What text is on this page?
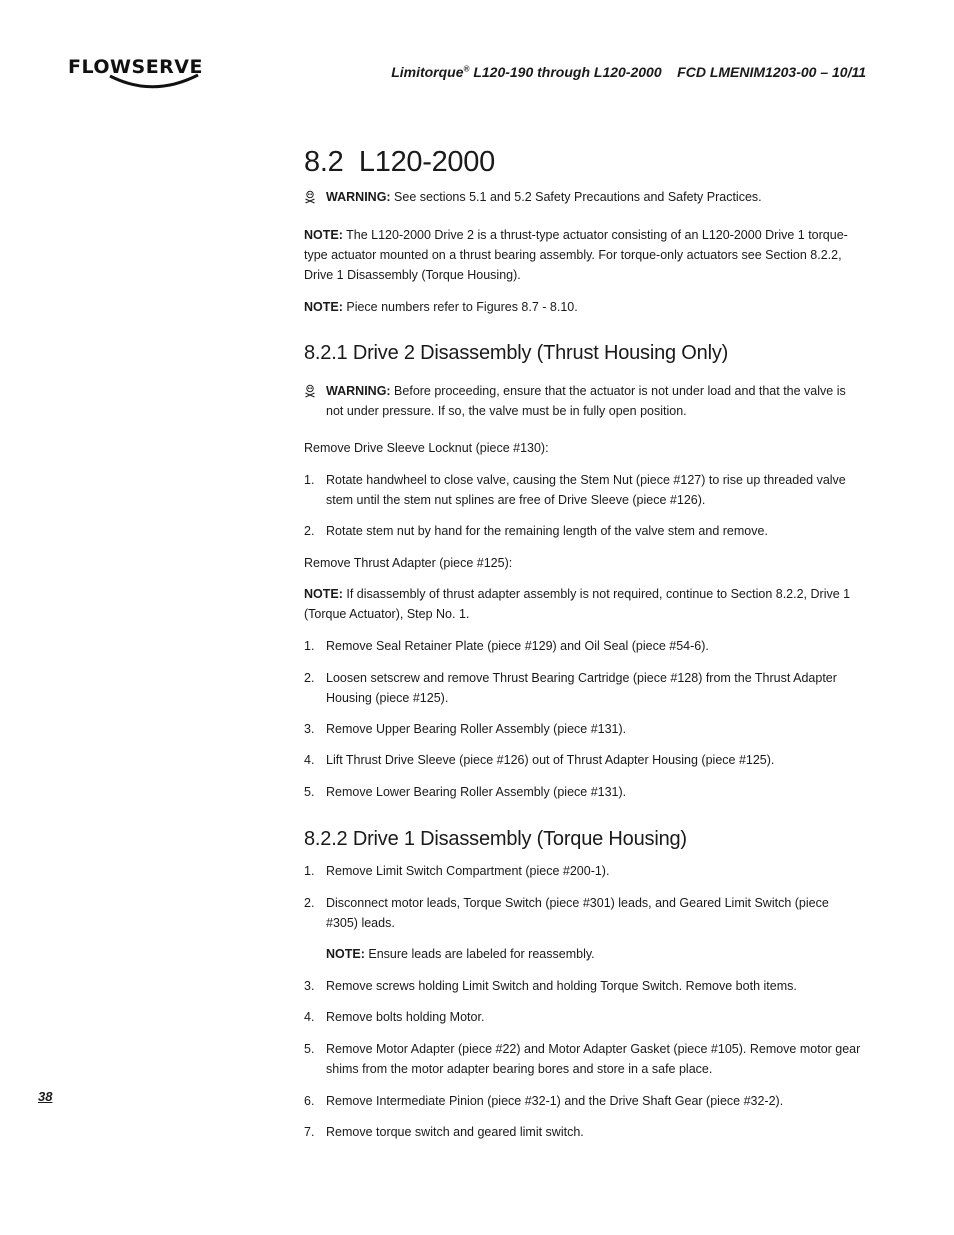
FLOWSERVE	Limitorque® L120-190 through L120-2000    FCD LMENIM1203-00 – 10/11
8.2  L120-2000
WARNING: See sections 5.1 and 5.2 Safety Precautions and Safety Practices.
NOTE: The L120-2000 Drive 2 is a thrust-type actuator consisting of an L120-2000 Drive 1 torque-type actuator mounted on a thrust bearing assembly. For torque-only actuators see Section 8.2.2, Drive 1 Disassembly (Torque Housing).
NOTE: Piece numbers refer to Figures 8.7 - 8.10.
8.2.1 Drive 2 Disassembly (Thrust Housing Only)
WARNING: Before proceeding, ensure that the actuator is not under load and that the valve is not under pressure. If so, the valve must be in fully open position.
Remove Drive Sleeve Locknut (piece #130):
1. Rotate handwheel to close valve, causing the Stem Nut (piece #127) to rise up threaded valve stem until the stem nut splines are free of Drive Sleeve (piece #126).
2. Rotate stem nut by hand for the remaining length of the valve stem and remove.
Remove Thrust Adapter (piece #125):
NOTE: If disassembly of thrust adapter assembly is not required, continue to Section 8.2.2, Drive 1 (Torque Actuator), Step No. 1.
1. Remove Seal Retainer Plate (piece #129) and Oil Seal (piece #54-6).
2. Loosen setscrew and remove Thrust Bearing Cartridge (piece #128) from the Thrust Adapter Housing (piece #125).
3. Remove Upper Bearing Roller Assembly (piece #131).
4. Lift Thrust Drive Sleeve (piece #126) out of Thrust Adapter Housing (piece #125).
5. Remove Lower Bearing Roller Assembly (piece #131).
8.2.2 Drive 1 Disassembly (Torque Housing)
1. Remove Limit Switch Compartment (piece #200-1).
2. Disconnect motor leads, Torque Switch (piece #301) leads, and Geared Limit Switch (piece #305) leads.
NOTE: Ensure leads are labeled for reassembly.
3. Remove screws holding Limit Switch and holding Torque Switch. Remove both items.
4. Remove bolts holding Motor.
5. Remove Motor Adapter (piece #22) and Motor Adapter Gasket (piece #105). Remove motor gear shims from the motor adapter bearing bores and store in a safe place.
6. Remove Intermediate Pinion (piece #32-1) and the Drive Shaft Gear (piece #32-2).
7. Remove torque switch and geared limit switch.
38
